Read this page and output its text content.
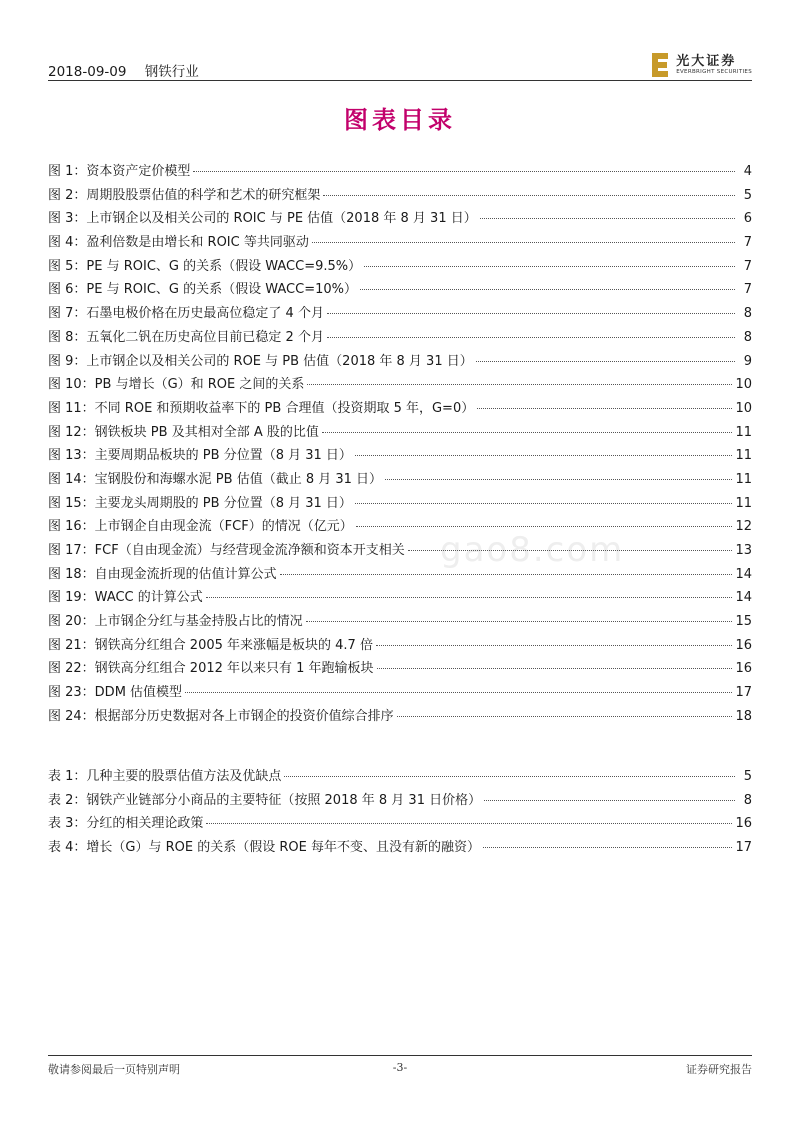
2018-09-09 钢铁行业
光大证券
EVERBRIGHT SECURITIES
图表目录
图 1：资本资产定价模型	4
图 2：周期股股票估值的科学和艺术的研究框架	5
图 3：上市钢企以及相关公司的 ROIC 与 PE 估值（2018 年 8 月 31 日）	6
图 4：盈利倍数是由增长和 ROIC 等共同驱动	7
图 5：PE 与 ROIC、G 的关系（假设 WACC=9.5%）	7
图 6：PE 与 ROIC、G 的关系（假设 WACC=10%）	7
图 7：石墨电极价格在历史最高位稳定了 4 个月	8
图 8：五氧化二钒在历史高位目前已稳定 2 个月	8
图 9：上市钢企以及相关公司的 ROE 与 PB 估值（2018 年 8 月 31 日）	9
图 10：PB 与增长（G）和 ROE 之间的关系	10
图 11：不同 ROE 和预期收益率下的 PB 合理值（投资期取 5 年，G=0）	10
图 12：钢铁板块 PB 及其相对全部 A 股的比值	11
图 13：主要周期品板块的 PB 分位置（8 月 31 日）	11
图 14：宝钢股份和海螺水泥 PB 估值（截止 8 月 31 日）	11
图 15：主要龙头周期股的 PB 分位置（8 月 31 日）	11
图 16：上市钢企自由现金流（FCF）的情况（亿元）	12
图 17：FCF（自由现金流）与经营现金流净额和资本开支相关	13
图 18：自由现金流折现的估值计算公式	14
图 19：WACC 的计算公式	14
图 20：上市钢企分红与基金持股占比的情况	15
图 21：钢铁高分红组合 2005 年来涨幅是板块的 4.7 倍	16
图 22：钢铁高分红组合 2012 年以来只有 1 年跑输板块	16
图 23：DDM 估值模型	17
图 24：根据部分历史数据对各上市钢企的投资价值综合排序	18
表 1：几种主要的股票估值方法及优缺点	5
表 2：钢铁产业链部分小商品的主要特征（按照 2018 年 8 月 31 日价格）	8
表 3：分红的相关理论政策	16
表 4：增长（G）与 ROE 的关系（假设 ROE 每年不变、且没有新的融资）	17
gao8.com
敬请参阅最后一页特别声明	-3-	证券研究报告
